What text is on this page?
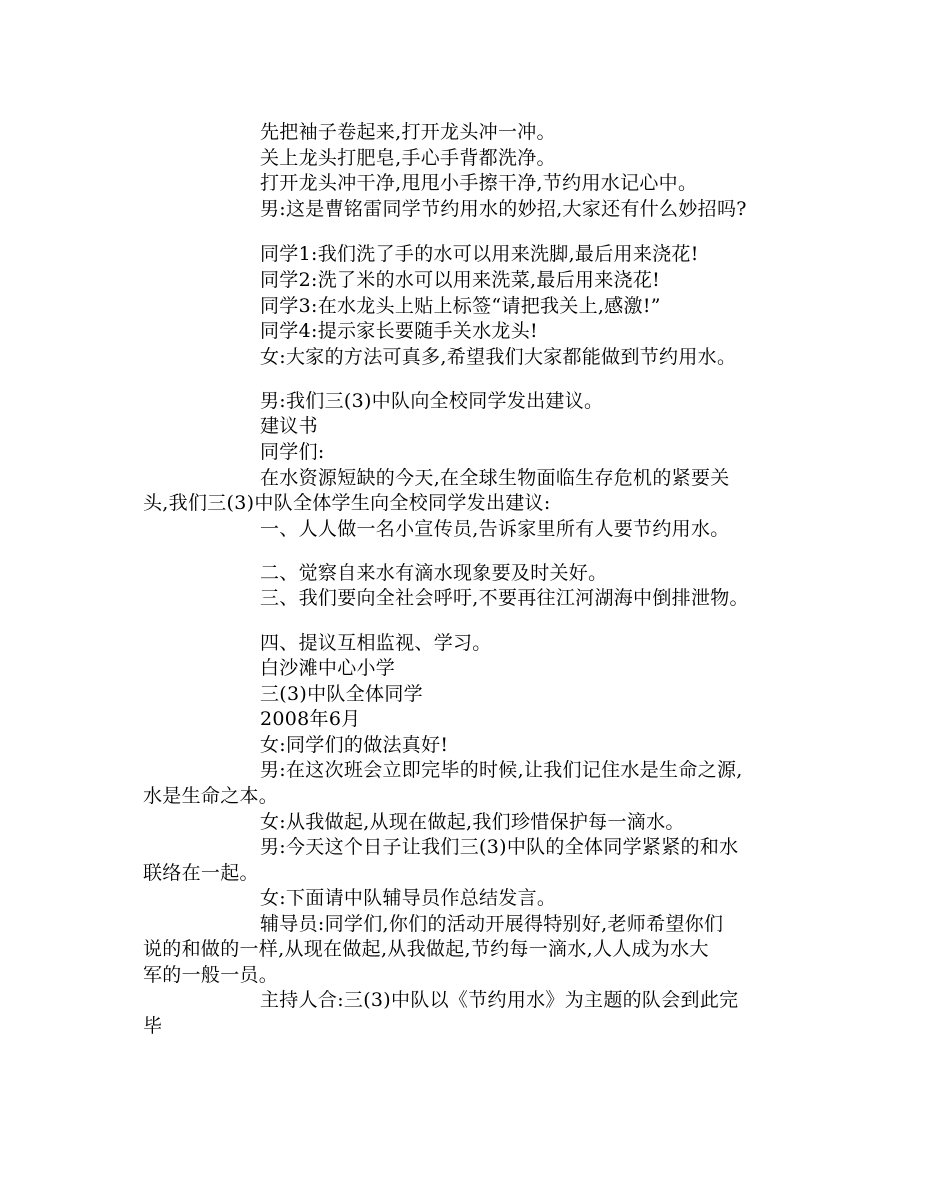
先把袖子卷起来,打开龙头冲一冲。
关上龙头打肥皂,手心手背都洗净。
打开龙头冲干净,甩甩小手擦干净,节约用水记心中。
男:这是曹铭雷同学节约用水的妙招,大家还有什么妙招吗?
同学1:我们洗了手的水可以用来洗脚,最后用来浇花!
同学2:洗了米的水可以用来洗菜,最后用来浇花!
同学3:在水龙头上贴上标签“请把我关上,感激!”
同学4:提示家长要随手关水龙头!
女:大家的方法可真多,希望我们大家都能做到节约用水。
男:我们三(3)中队向全校同学发出建议。
建议书
同学们:
在水资源短缺的今天,在全球生物面临生存危机的紧要关
头,我们三(3)中队全体学生向全校同学发出建议:
一、人人做一名小宣传员,告诉家里所有人要节约用水。
二、觉察自来水有滴水现象要及时关好。
三、我们要向全社会呼吁,不要再往江河湖海中倒排泄物。
四、提议互相监视、学习。
白沙滩中心小学
三(3)中队全体同学
2008年6月
女:同学们的做法真好!
男:在这次班会立即完毕的时候,让我们记住水是生命之源,
水是生命之本。
女:从我做起,从现在做起,我们珍惜保护每一滴水。
男:今天这个日子让我们三(3)中队的全体同学紧紧的和水
联络在一起。
女:下面请中队辅导员作总结发言。
辅导员:同学们,你们的活动开展得特别好,老师希望你们
说的和做的一样,从现在做起,从我做起,节约每一滴水,人人成为水大
军的一般一员。
主持人合:三(3)中队以《节约用水》为主题的队会到此完
毕
